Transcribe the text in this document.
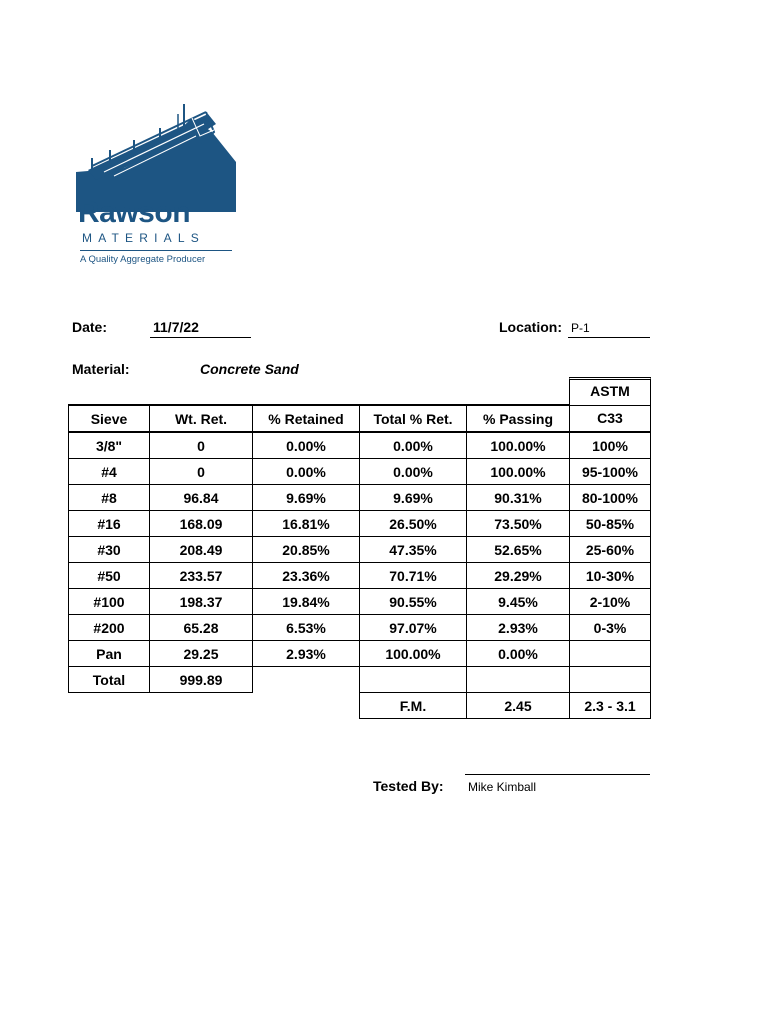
Rawson
MATERIALS
A Quality Aggregate Producer
Date:	11/7/22	Location: P-1
Material:	Concrete Sand
ASTM
Sieve	Wt. Ret.	% Retained	Total % Ret.	% Passing	C33
3/8"	0	0.00%	0.00%	100.00%	100%
#4	0	0.00%	0.00%	100.00%	95-100%
#8	96.84	9.69%	9.69%	90.31%	80-100%
#16	168.09	16.81%	26.50%	73.50%	50-85%
#30	208.49	20.85%	47.35%	52.65%	25-60%
#50	233.57	23.36%	70.71%	29.29%	10-30%
#100	198.37	19.84%	90.55%	9.45%	2-10%
#200	65.28	6.53%	97.07%	2.93%	0-3%
Pan	29.25	2.93%	100.00%	0.00%	
Total	999.89				
			F.M.	2.45	2.3 - 3.1
Tested By: Mike Kimball
